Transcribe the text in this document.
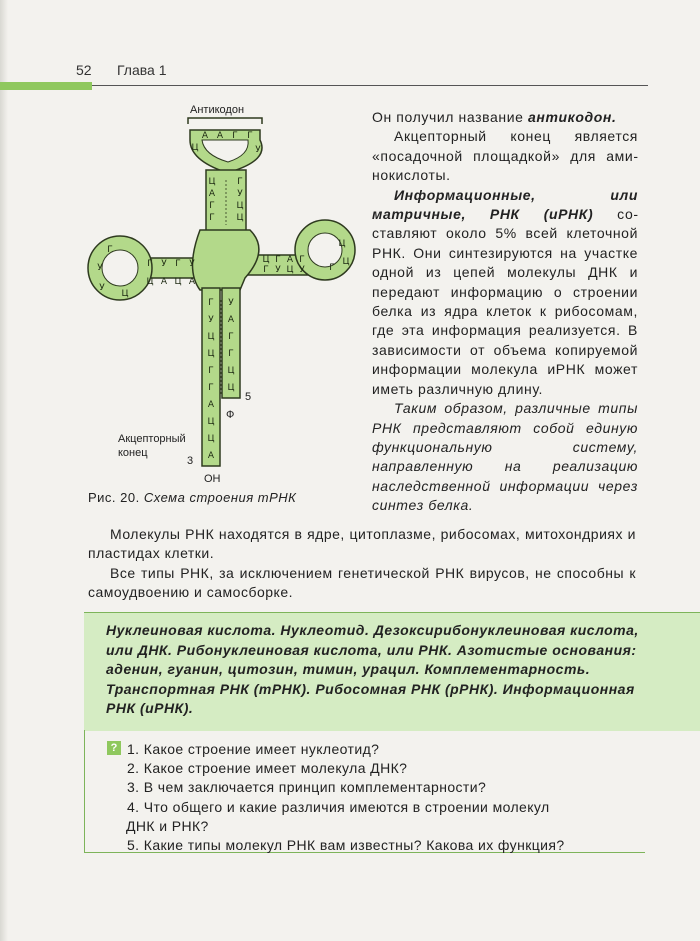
52 Глава 1
А А Г Г
Ц	У
Ц
А
Г
Г
Г
У
Ц
Ц
Г У Г У
Ц А Ц А
У
Г
Ц
У
Ц Г А Г
Г У Ц У
Ц
Г
Ц
Г
У
Ц
Ц
Г
Г
А
Ц
Ц
А
У
А
Г
Г
Ц
Ц
Антикодон
Акцепторный
конец
3
5
ОН
Ф
Рис. 20. Схема строения тРНК

Он получил название антикодон.

Акцепторный конец является «посадочной площадкой» для аминокислоты.

Информационные, или матричные, РНК (иРНК) составляют около 5% всей клеточной РНК. Они синтезируются на участке одной из цепей молекулы ДНК и передают информацию о строении белка из ядра клеток к рибосомам, где эта информация реализуется. В зависимости от объема копируемой информации молекула иРНК может иметь различную длину.

Таким образом, различные типы РНК представляют собой единую функциональную систему, направленную на реализацию наследственной информации через синтез белка.

Молекулы РНК находятся в ядре, цитоплазме, рибосомах, митохондриях и пластидах клетки.

Все типы РНК, за исключением генетической РНК вирусов, не способны к самоудвоению и самосборке.

Нуклеиновая кислота. Нуклеотид. Дезоксирибонуклеиновая кислота, или ДНК. Рибонуклеиновая кислота, или РНК. Азотистые основания: аденин, гуанин, цитозин, тимин, урацил. Комплементарность. Транспортная РНК (тРНК). Рибосомная РНК (рРНК). Информационная РНК (иРНК).

? 1. Какое строение имеет нуклеотид?
2. Какое строение имеет молекула ДНК?
3. В чем заключается принцип комплементарности?
4. Что общего и какие различия имеются в строении молекул
ДНК и РНК?
5. Какие типы молекул РНК вам известны? Какова их функция?
